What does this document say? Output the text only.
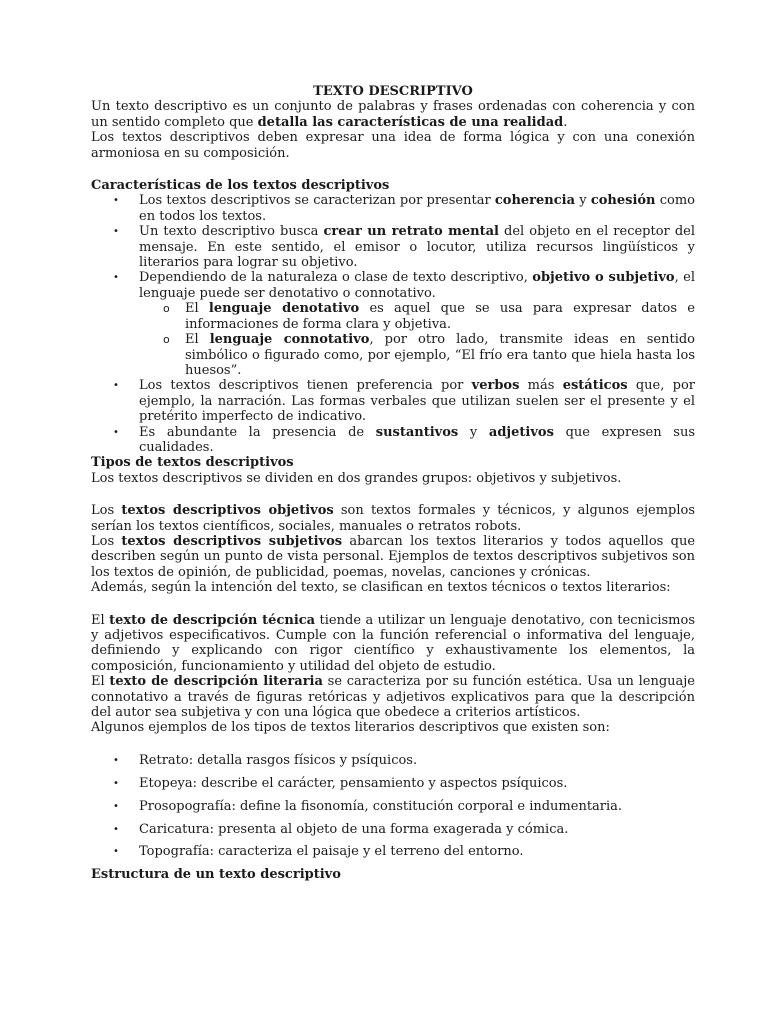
TEXTO DESCRIPTIVO

Un texto descriptivo es un conjunto de palabras y frases ordenadas con coherencia y con un sentido completo que detalla las características de una realidad.

Los textos descriptivos deben expresar una idea de forma lógica y con una conexión armoniosa en su composición.

Características de los textos descriptivos
• Los textos descriptivos se caracterizan por presentar coherencia y cohesión como en todos los textos.
• Un texto descriptivo busca crear un retrato mental del objeto en el receptor del mensaje. En este sentido, el emisor o locutor, utiliza recursos lingüísticos y literarios para lograr su objetivo.
• Dependiendo de la naturaleza o clase de texto descriptivo, objetivo o subjetivo, el lenguaje puede ser denotativo o connotativo.
o El lenguaje denotativo es aquel que se usa para expresar datos e informaciones de forma clara y objetiva.
o El lenguaje connotativo, por otro lado, transmite ideas en sentido simbólico o figurado como, por ejemplo, “El frío era tanto que hiela hasta los huesos”.
• Los textos descriptivos tienen preferencia por verbos más estáticos que, por ejemplo, la narración. Las formas verbales que utilizan suelen ser el presente y el pretérito imperfecto de indicativo.
• Es abundante la presencia de sustantivos y adjetivos que expresen sus cualidades.
Tipos de textos descriptivos

Los textos descriptivos se dividen en dos grandes grupos: objetivos y subjetivos.

Los textos descriptivos objetivos son textos formales y técnicos, y algunos ejemplos serían los textos científicos, sociales, manuales o retratos robots.

Los textos descriptivos subjetivos abarcan los textos literarios y todos aquellos que describen según un punto de vista personal. Ejemplos de textos descriptivos subjetivos son los textos de opinión, de publicidad, poemas, novelas, canciones y crónicas.

Además, según la intención del texto, se clasifican en textos técnicos o textos literarios:

El texto de descripción técnica tiende a utilizar un lenguaje denotativo, con tecnicismos y adjetivos especificativos. Cumple con la función referencial o informativa del lenguaje, definiendo y explicando con rigor científico y exhaustivamente los elementos, la composición, funcionamiento y utilidad del objeto de estudio.

El texto de descripción literaria se caracteriza por su función estética. Usa un lenguaje connotativo a través de figuras retóricas y adjetivos explicativos para que la descripción del autor sea subjetiva y con una lógica que obedece a criterios artísticos.

Algunos ejemplos de los tipos de textos literarios descriptivos que existen son:

• Retrato: detalla rasgos físicos y psíquicos.
• Etopeya: describe el carácter, pensamiento y aspectos psíquicos.
• Prosopografía: define la fisonomía, constitución corporal e indumentaria.
• Caricatura: presenta al objeto de una forma exagerada y cómica.
• Topografía: caracteriza el paisaje y el terreno del entorno.
Estructura de un texto descriptivo
